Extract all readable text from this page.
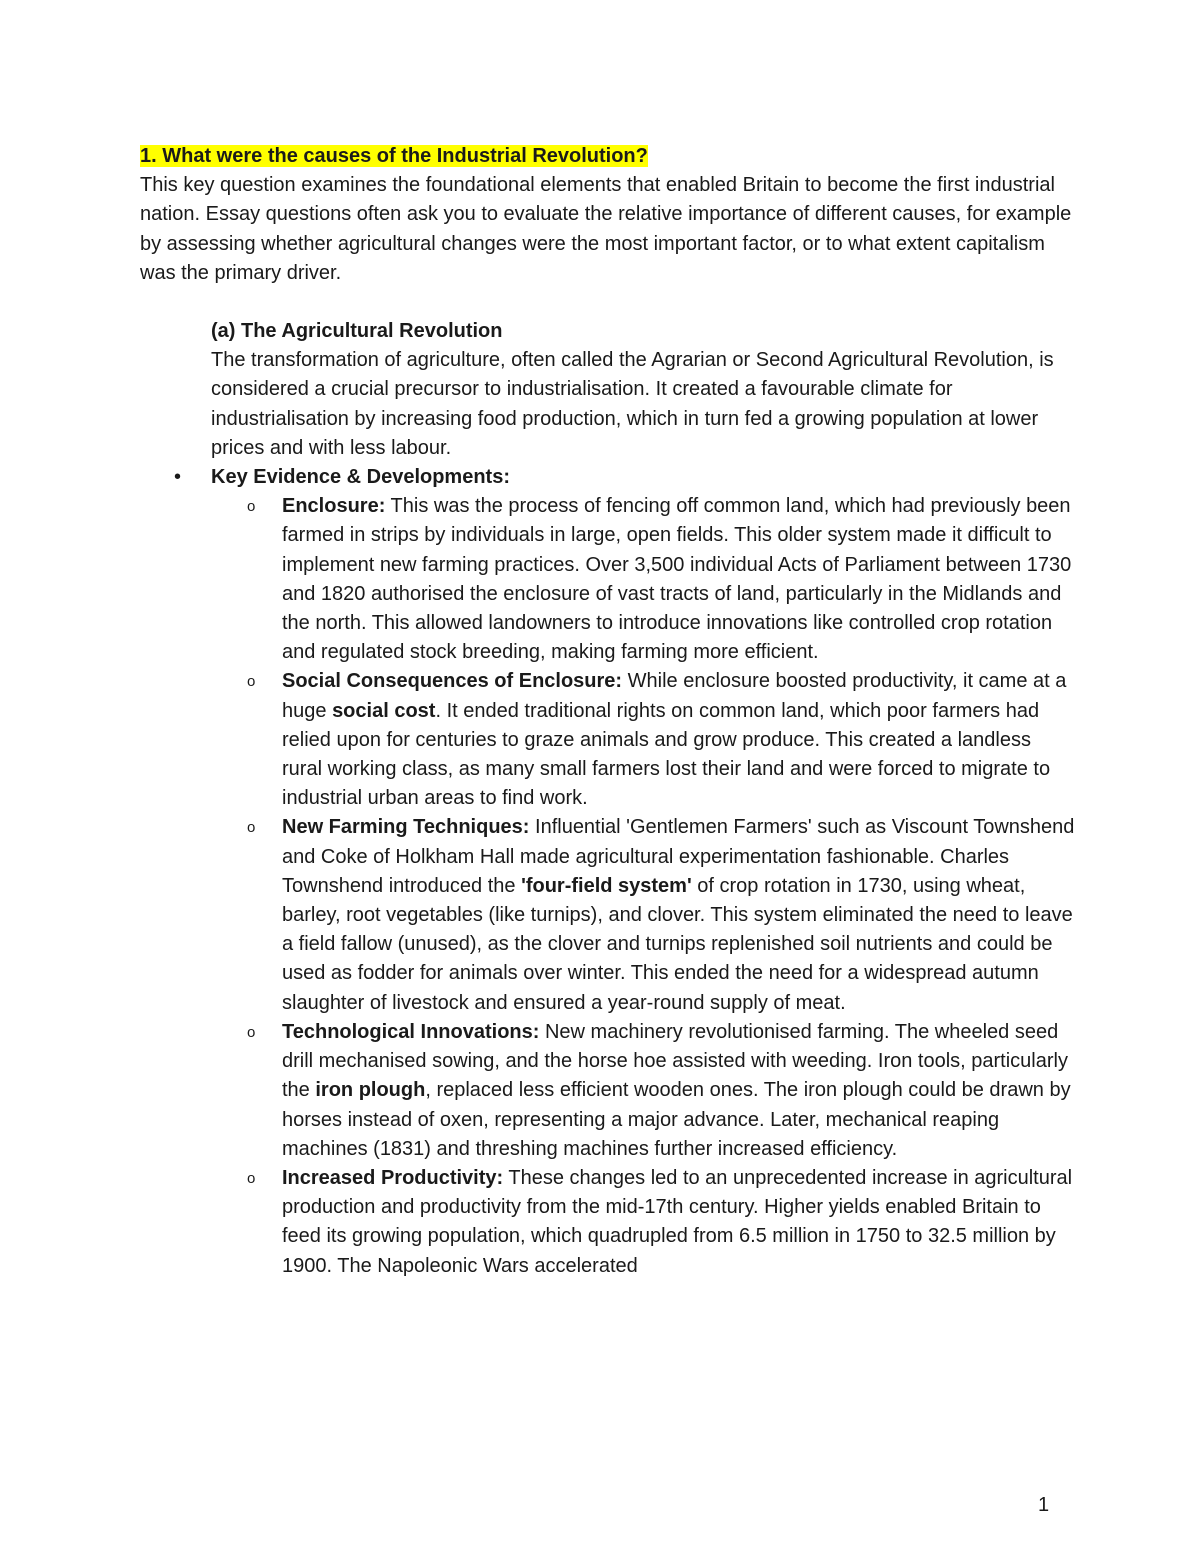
1. What were the causes of the Industrial Revolution?

This key question examines the foundational elements that enabled Britain to become the first industrial nation. Essay questions often ask you to evaluate the relative importance of different causes, for example by assessing whether agricultural changes were the most important factor, or to what extent capitalism was the primary driver.

(a) The Agricultural Revolution

The transformation of agriculture, often called the Agrarian or Second Agricultural Revolution, is considered a crucial precursor to industrialisation. It created a favourable climate for industrialisation by increasing food production, which in turn fed a growing population at lower prices and with less labour.

• Key Evidence & Developments:

o Enclosure: This was the process of fencing off common land, which had previously been farmed in strips by individuals in large, open fields. This older system made it difficult to implement new farming practices. Over 3,500 individual Acts of Parliament between 1730 and 1820 authorised the enclosure of vast tracts of land, particularly in the Midlands and the north. This allowed landowners to introduce innovations like controlled crop rotation and regulated stock breeding, making farming more efficient.
o Social Consequences of Enclosure: While enclosure boosted productivity, it came at a huge social cost. It ended traditional rights on common land, which poor farmers had relied upon for centuries to graze animals and grow produce. This created a landless rural working class, as many small farmers lost their land and were forced to migrate to industrial urban areas to find work.
o New Farming Techniques: Influential 'Gentlemen Farmers' such as Viscount Townshend and Coke of Holkham Hall made agricultural experimentation fashionable. Charles Townshend introduced the 'four-field system' of crop rotation in 1730, using wheat, barley, root vegetables (like turnips), and clover. This system eliminated the need to leave a field fallow (unused), as the clover and turnips replenished soil nutrients and could be used as fodder for animals over winter. This ended the need for a widespread autumn slaughter of livestock and ensured a year-round supply of meat.
o Technological Innovations: New machinery revolutionised farming. The wheeled seed drill mechanised sowing, and the horse hoe assisted with weeding. Iron tools, particularly the iron plough, replaced less efficient wooden ones. The iron plough could be drawn by horses instead of oxen, representing a major advance. Later, mechanical reaping machines (1831) and threshing machines further increased efficiency.
o Increased Productivity: These changes led to an unprecedented increase in agricultural production and productivity from the mid-17th century. Higher yields enabled Britain to feed its growing population, which quadrupled from 6.5 million in 1750 to 32.5 million by 1900. The Napoleonic Wars accelerated
1
